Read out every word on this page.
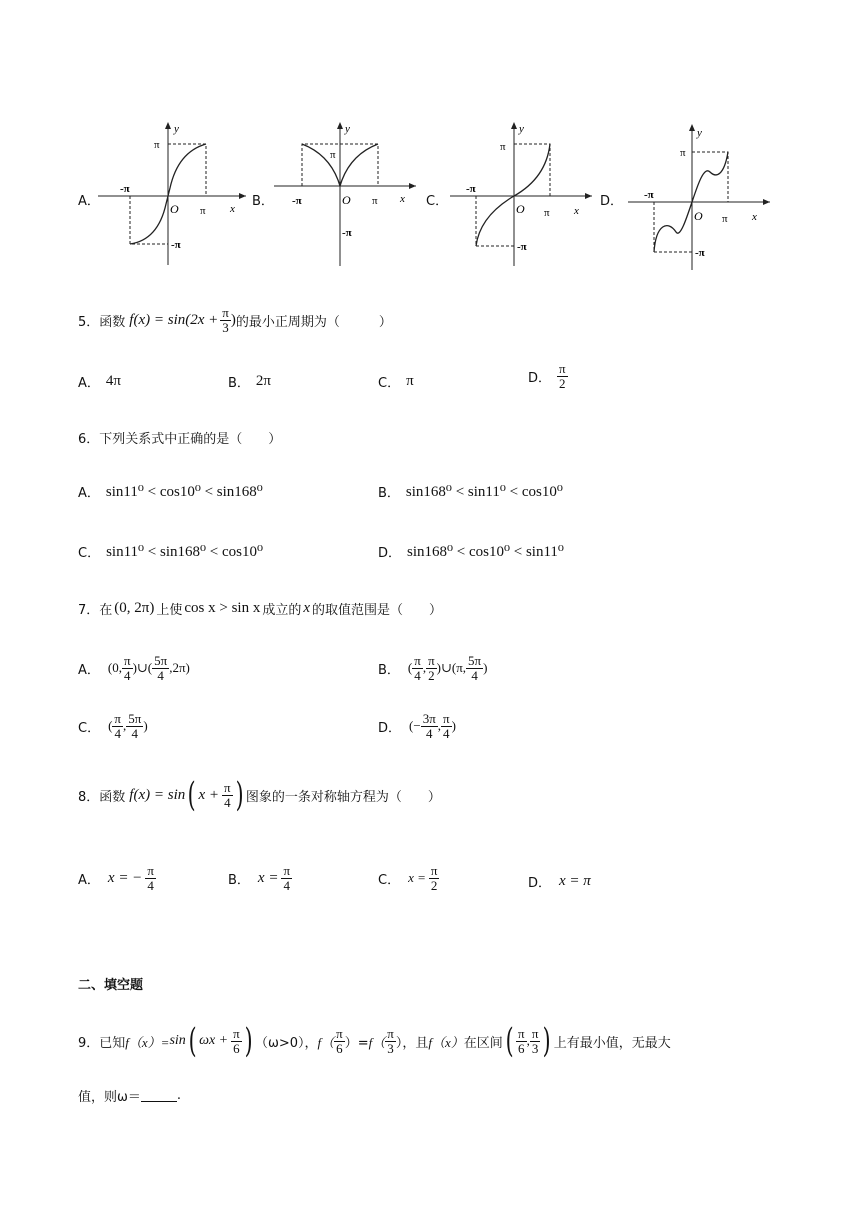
A．
y
x
O
π
π
-π
-π
B．
y
x
O
π
π
-π
-π
C．
y
x
O
π
π
-π
-π
D．
y
x
O
π
π
-π
-π
5． 函数 $f(x) = \sin(2x + \frac{\pi}{3}$ ) 的最小正周期为（　　　）
A． 4π	B． 2π	C． π	D． $\frac{\pi}{2}$
6． 下列关系式中正确的是（　　）
A． sin11⁰ < cos10⁰ < sin168⁰	B． sin168⁰ < sin11⁰ < cos10⁰
C． sin11⁰ < sin168⁰ < cos10⁰	D． sin168⁰ < cos10⁰ < sin11⁰
7． 在 (0, 2π) 上使 cos x > sin x 成立的 x 的取值范围是（　　）
A． (0, $\frac{\pi}{4}$ )∪( $\frac{5\pi}{4} ,2\pi$)	B． ( $\frac{\pi}{4}$ , $\frac{\pi}{2}$ )∪(π, $\frac{5\pi}{4}$ )
C． ( $\frac{\pi}{4}$ , $\frac{5\pi}{4}$ )	D． (− $\frac{3\pi}{4}$ , $\frac{\pi}{4}$ )
8． 函数 f(x) = sin ( $x + \frac{\pi}{4}$ ) 图象的一条对称轴方程为（　　）
A． x = − $\frac{\pi}{4}$	B． $x = \frac{\pi}{4}$	C． $x = \frac{\pi}{2}$	D． x = π
二、填空题
9． 已知 f（x）= sin ( $\omega x + \frac{\pi}{6}$ ) （ω>0）， $f( \frac{\pi}{6}$ ）= $f( \frac{\pi}{3}$ ），且 f（x） 在区间 ( $\frac{\pi}{6}$ , $\frac{\pi}{3}$ ) 上有最小值，无最大
值，则ω＝	.
